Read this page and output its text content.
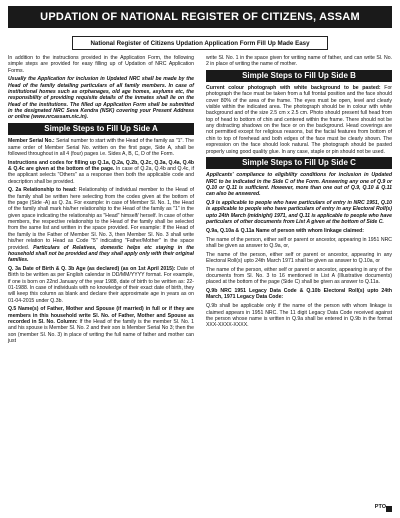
UPDATION OF NATIONAL REGISTER OF CITIZENS, ASSAM
National Register of Citizens Updation Application Form Fill Up Made Easy

In addition to the instructions provided in the Application Form, the following simple steps are provided for easy filling up of Updation of NRC Application Forms.

Usually the Application for inclusion in Updated NRC shall be made by the Head of the family detailing particulars of all family members. In case of institutional homes such as orphanages, old age homes, asylums etc, the responsibility of providing requisite details of the inmates shall lie on the Head of the institutions. The filled up Application Form shall be submitted in the designated NRC Seva Kendra (NSK) covering your Present Address or online (www.nrcassam.nic.in).

Simple Steps to Fill Up Side A

Member Serial No.: Serial number to start with the Head of the family as "1". The same order of Member Serial No. written on the first page, Side A, shall be followed throughout in all 4 (four) pages i.e. Sides A, B, C, D of the Form.

Instructions and codes for filling up Q.1a, Q.2a, Q.2b, Q.2c, Q.3a, Q.4a, Q.4b & Q.4c are given at the bottom of the page. In case of Q.2a, Q.4b and Q.4c, if the applicant selects "Others" as a response then both the applicable code and description shall be provided.

Q. 2a Relationship to head: Relationship of individual member to the Head of the family shall be written here selecting from the codes given at the bottom of the page (Side -A) as Q. 2a. For example: in case of Member Sl. No. 1, the Head of the family shall mark his/her relationship to the Head of the family as "1" in the given space indicating the relationship as "Head" himself/ herself. In case of other members, the respective relationship to the Head of the family shall be selected from the same list and written in the space provided. For example: If the Head of the family is the Father of Member Sl. No. 3, then Member Sl. No. 3 shall write his/her relation to Head as Code "5" indicating "Father/Mother" in the space provided. Particulars of Relatives, domestic helps etc staying in the household shall not be provided and they shall apply only with their original families.

Q. 3a Date of Birth & Q. 3b Age (as declared) (as on 1st April 2015): Date of Birth to be written as per English calendar in DD/MM/YYYY format. For example, if one is born on 22nd January of the year 1988, date of birth to be written as: 22-01-1988. In case of individuals with no knowledge of their exact date of birth, they will keep this column as blank and declare their approximate age in years as on 01-04-2015 under Q.3b.

Q.5 Name(s) of Father, Mother and Spouse (if married) in full or if they are members in this household write Sl. No. of Father, Mother and Spouse as recorded in Sl. No. Column: If the Head of the family is the member Sl. No. 1 and his spouse is Member Sl. No. 2 and their son is Member Serial No 3; then the son (member Sl. No. 3) in place of writing the full name of father and mother can just

write Sl. No. 1 in the space given for writing name of father, and can write Sl. No. 2 in place of writing the name of mother.

Simple Steps to Fill Up Side B

Current colour photograph with white background to be pasted: For photograph the face must be taken from a full frontal position and the face should cover 80% of the area of the frame. The eyes must be open, level and clearly visible within the indicated area. The photograph should be in colour with white background and of the size 2.5 cm x 2.5 cm. Photo should present full head from top of head to bottom of chin and centered within the frame. There should not be any distracting shadows on the face or on the background. Head coverings are not permitted except for religious reasons, but the facial features from bottom of chin to top of forehead and both edges of the face must be clearly shown. The expression on the face should look natural. The photograph should be pasted properly using good quality glue. In any case, staple or pin should not be used.

Simple Steps to Fill Up Side C

Applicants' compliance to eligibility conditions for inclusion in Updated NRC to be indicated in the Side C of the Form. Answering any one of Q.9 or Q.10 or Q.11 is sufficient. However, more than one out of Q.9, Q.10 & Q.11 can also be answered.

Q.9 is applicable to people who have particulars of entry in NRC 1951, Q.10 is applicable to people who have particulars of entry in any Electoral Roll(s) upto 24th March (midnight) 1971, and Q.11 is applicable to people who have particulars of other documents from List A given at the bottom of Side C.

Q.9a, Q.10a & Q.11a Name of person with whom linkage claimed:

The name of the person, either self or parent or ancestor, appearing in 1951 NRC shall be given as answer to Q.9a, or,

The name of the person, either self or parent or ancestor, appearing in any Electoral Roll(s) upto 24th March 1971 shall be given as answer to Q.10a, or

The name of the person, either self or parent or ancestor, appearing in any of the documents from Sl. No. 3 to 16 mentioned in List A (Illustrative documents) placed at the bottom of the page (Side C) shall be given as answer to Q.11a.

Q.9b NRC 1951 Legacy Data Code & Q.10b Electoral Roll(s) upto 24th March, 1971 Legacy Data Code:

Q.9b shall be applicable only if the name of the person with whom linkage is claimed appears in 1951 NRC. The 11 digit Legacy Data Code received against the person whose name is written in Q.9a shall be entered in Q.9b in the format XXX-XXXX-XXXX.

PTO
